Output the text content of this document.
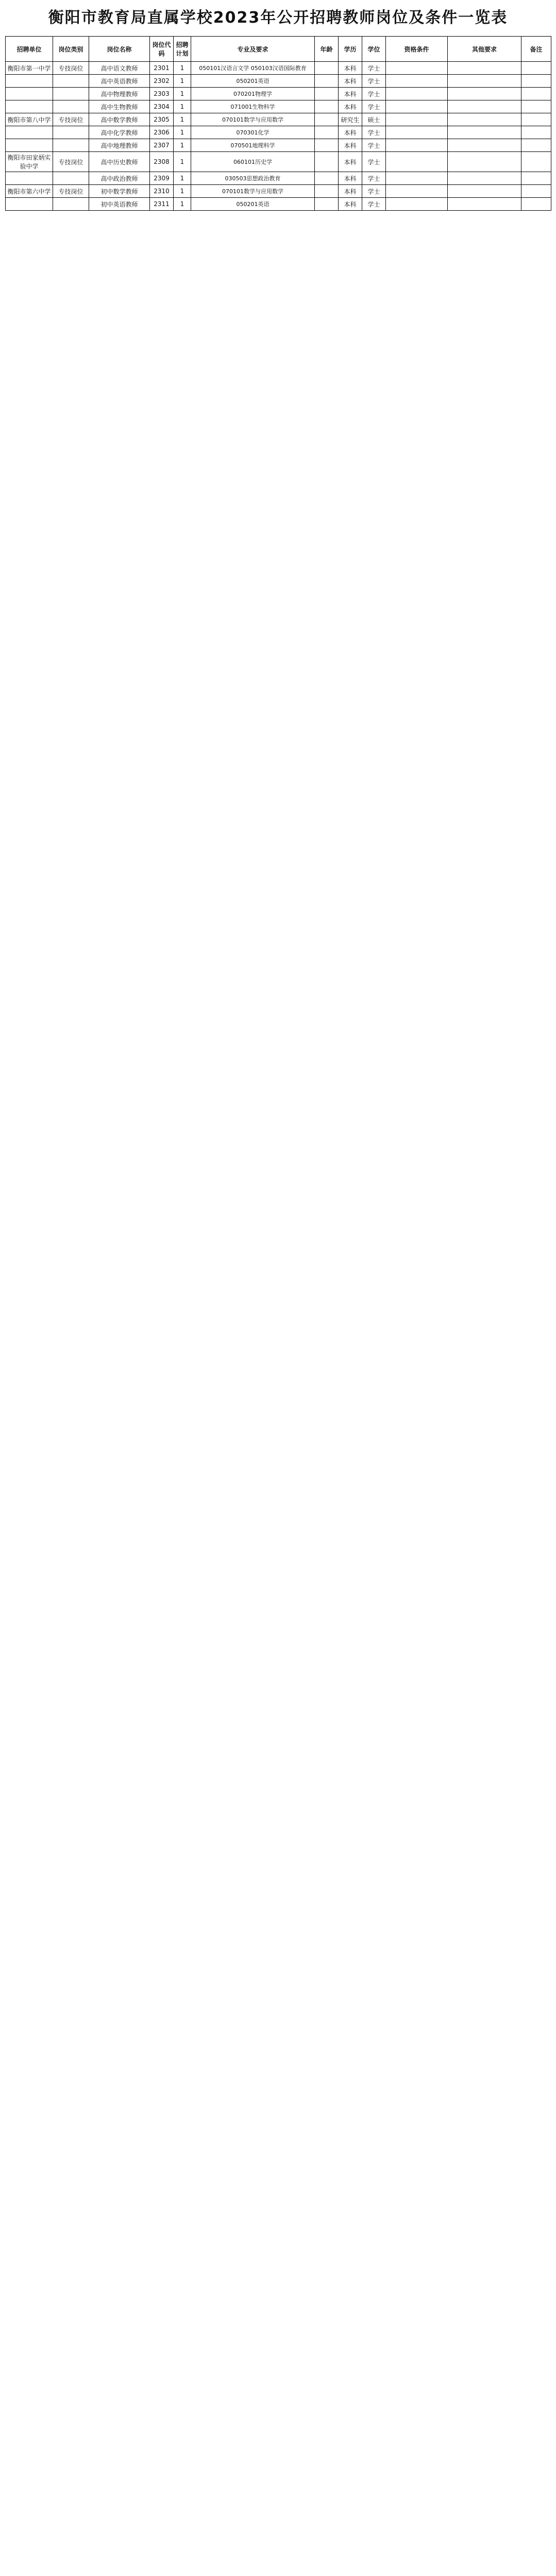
衡阳市教育局直属学校2023年公开招聘教师岗位及条件一览表
招聘单位	岗位类别	岗位名称	岗位代码	招聘计划	专业及要求	年龄	学历	学位	资格条件	其他要求	备注
衡阳市第一中学	专技岗位	高中语文教师	2301	1	050101汉语言文学 050103汉语国际教育		本科	学士			
		高中英语教师	2302	1	050201英语		本科	学士			
		高中物理教师	2303	1	070201物理学		本科	学士			
		高中生物教师	2304	1	071001生物科学		本科	学士			
衡阳市第八中学	专技岗位	高中数学教师	2305	1	070101数学与应用数学		研究生	硕士			
		高中化学教师	2306	1	070301化学		本科	学士			
		高中地理教师	2307	1	070501地理科学		本科	学士			
衡阳市田家炳实验中学	专技岗位	高中历史教师	2308	1	060101历史学		本科	学士			
		高中政治教师	2309	1	030503思想政治教育		本科	学士			
衡阳市第六中学	专技岗位	初中数学教师	2310	1	070101数学与应用数学		本科	学士			
		初中英语教师	2311	1	050201英语		本科	学士			
